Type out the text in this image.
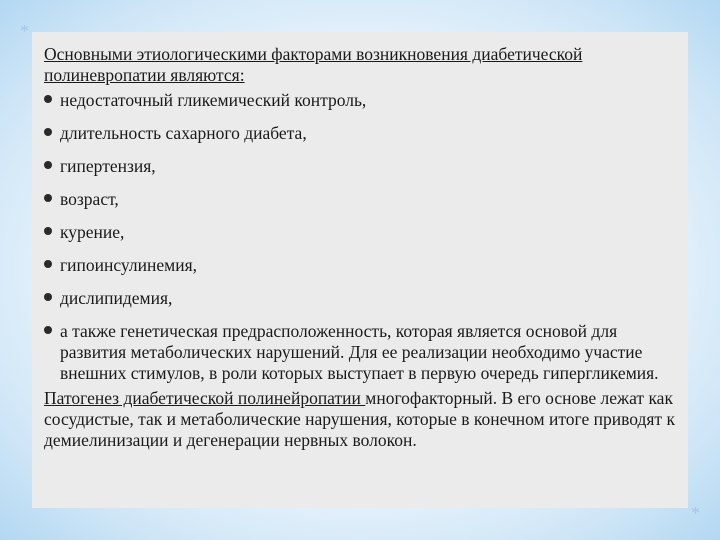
*
*

Основными этиологическими факторами возникновения диабетической полиневропатии являются:

недостаточный гликемический контроль,
длительность сахарного диабета,
гипертензия,
возраст,
курение,
гипоинсулинемия,
дислипидемия,
а также генетическая предрасположенность, которая является основой для развития метаболических нарушений. Для ее реализации необходимо участие внешних стимулов, в роли которых выступает в первую очередь гипергликемия.

Патогенез диабетической полинейропатии многофакторный. В его основе лежат как сосудистые, так и метаболические нарушения, которые в конечном итоге приводят к демиелинизации и дегенерации нервных волокон.
